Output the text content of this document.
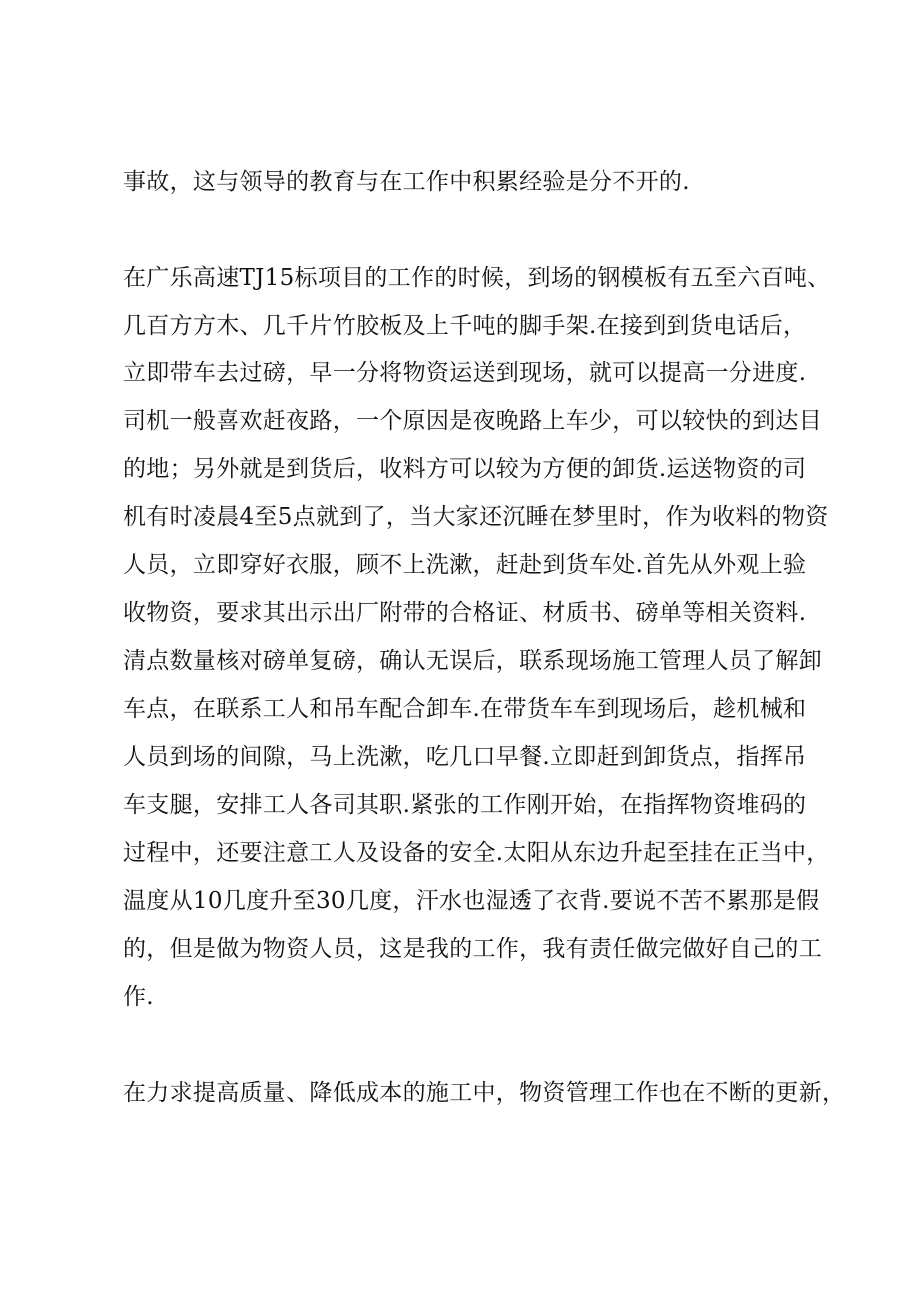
事故，这与领导的教育与在工作中积累经验是分不开的.
在广乐高速TJ15标项目的工作的时候，到场的钢模板有五至六百吨、
几百方方木、几千片竹胶板及上千吨的脚手架.在接到到货电话后，
立即带车去过磅，早一分将物资运送到现场，就可以提高一分进度.
司机一般喜欢赶夜路，一个原因是夜晚路上车少，可以较快的到达目
的地；另外就是到货后，收料方可以较为方便的卸货.运送物资的司
机有时凌晨4至5点就到了，当大家还沉睡在梦里时，作为收料的物资
人员，立即穿好衣服，顾不上洗漱，赶赴到货车处.首先从外观上验
收物资，要求其出示出厂附带的合格证、材质书、磅单等相关资料.
清点数量核对磅单复磅，确认无误后，联系现场施工管理人员了解卸
车点，在联系工人和吊车配合卸车.在带货车车到现场后，趁机械和
人员到场的间隙，马上洗漱，吃几口早餐.立即赶到卸货点，指挥吊
车支腿，安排工人各司其职.紧张的工作刚开始，在指挥物资堆码的
过程中，还要注意工人及设备的安全.太阳从东边升起至挂在正当中，
温度从10几度升至30几度，汗水也湿透了衣背.要说不苦不累那是假
的，但是做为物资人员，这是我的工作，我有责任做完做好自己的工
作.
在力求提高质量、降低成本的施工中，物资管理工作也在不断的更新，
